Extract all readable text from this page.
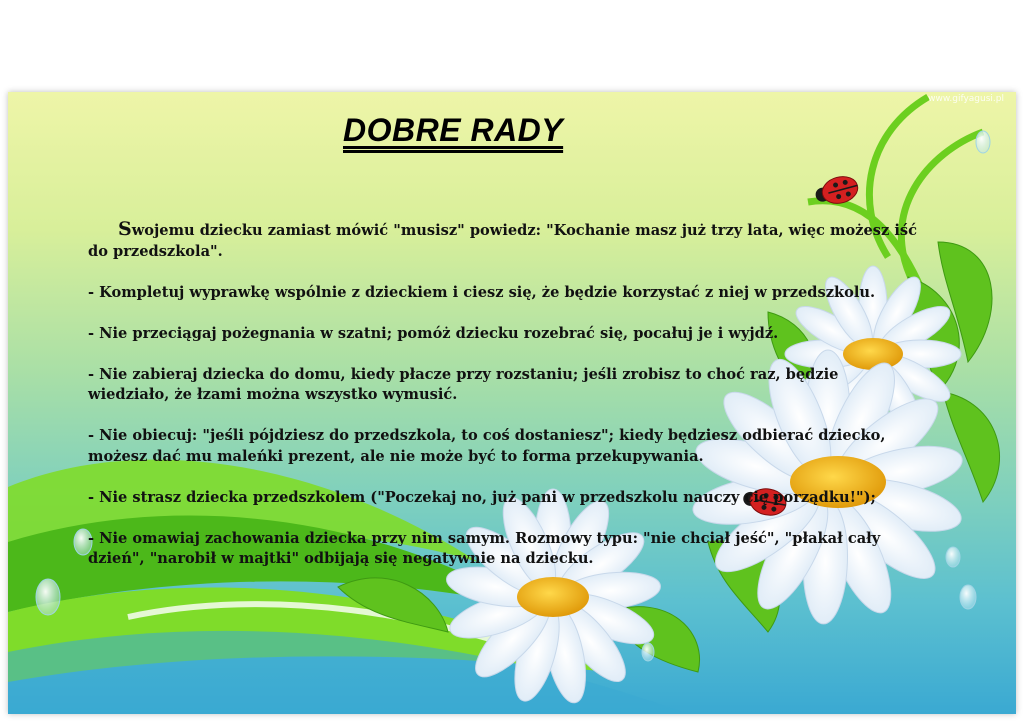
www.gifyagusi.pl
DOBRE RADY

Swojemu dziecku zamiast mówić "musisz" powiedz: "Kochanie masz już trzy lata, więc możesz iść do przedszkola".

- Kompletuj wyprawkę wspólnie z dzieckiem i ciesz się, że będzie korzystać z niej w przedszkolu.

- Nie przeciągaj pożegnania w szatni; pomóż dziecku rozebrać się, pocałuj je i wyjdź.

- Nie zabieraj dziecka do domu, kiedy płacze przy rozstaniu; jeśli zrobisz to choć raz, będzie wiedziało, że łzami można wszystko wymusić.

- Nie obiecuj: "jeśli pójdziesz do przedszkola, to coś dostaniesz"; kiedy będziesz odbierać dziecko, możesz dać mu maleńki prezent, ale nie może być to forma przekupywania.

- Nie strasz dziecka przedszkolem ("Poczekaj no, już pani w przedszkolu nauczy cię porządku!");

- Nie omawiaj zachowania dziecka przy nim samym. Rozmowy typu: "nie chciał jeść", "płakał cały dzień", "narobił w majtki" odbijają się negatywnie na dziecku.
